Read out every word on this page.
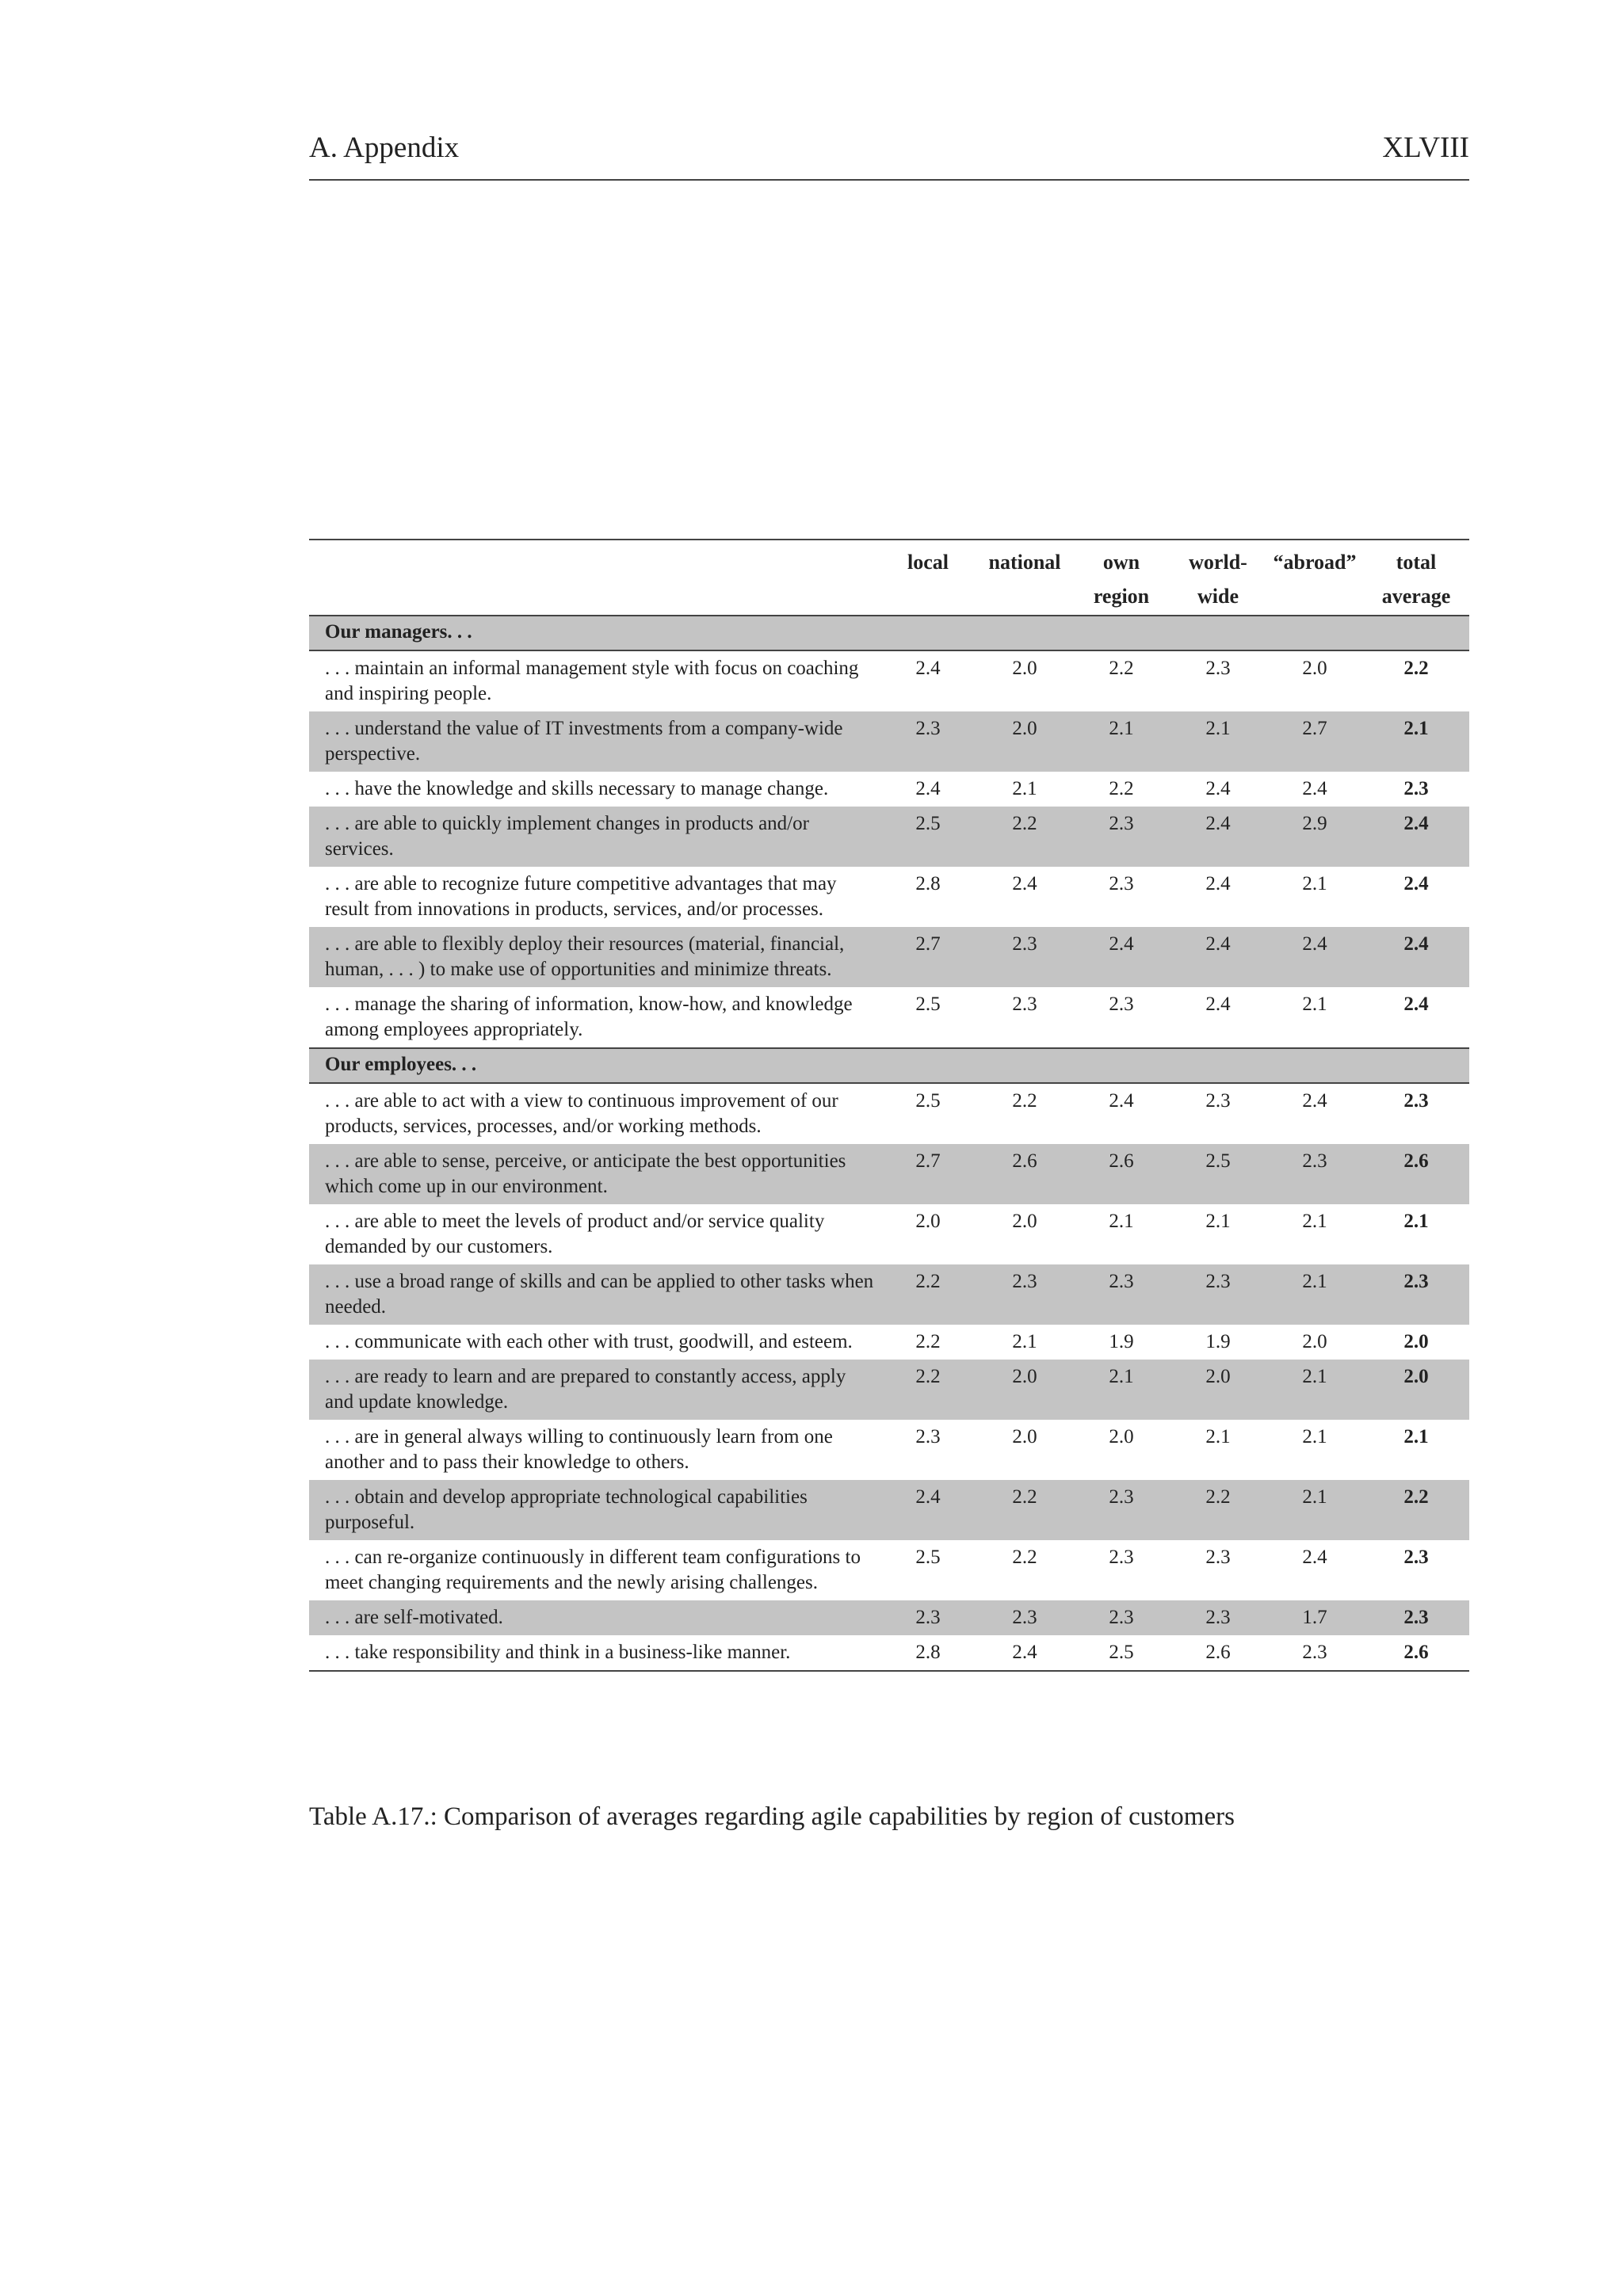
A. Appendix	XLVIII
	local	national	own	world-	“abroad”	total
			region	wide		average
Our managers. . .						
. . . maintain an informal management style with focus on coaching and inspiring people.	2.4	2.0	2.2	2.3	2.0	2.2
. . . understand the value of IT investments from a company-wide perspective.	2.3	2.0	2.1	2.1	2.7	2.1
. . . have the knowledge and skills necessary to manage change.	2.4	2.1	2.2	2.4	2.4	2.3
. . . are able to quickly implement changes in products and/or services.	2.5	2.2	2.3	2.4	2.9	2.4
. . . are able to recognize future competitive advantages that may result from innovations in products, services, and/or processes.	2.8	2.4	2.3	2.4	2.1	2.4
. . . are able to flexibly deploy their resources (material, financial, human, . . . ) to make use of opportunities and minimize threats.	2.7	2.3	2.4	2.4	2.4	2.4
. . . manage the sharing of information, know-how, and knowledge among employees appropriately.	2.5	2.3	2.3	2.4	2.1	2.4
Our employees. . .						
. . . are able to act with a view to continuous improvement of our products, services, processes, and/or working methods.	2.5	2.2	2.4	2.3	2.4	2.3
. . . are able to sense, perceive, or anticipate the best opportunities which come up in our environment.	2.7	2.6	2.6	2.5	2.3	2.6
. . . are able to meet the levels of product and/or service quality demanded by our customers.	2.0	2.0	2.1	2.1	2.1	2.1
. . . use a broad range of skills and can be applied to other tasks when needed.	2.2	2.3	2.3	2.3	2.1	2.3
. . . communicate with each other with trust, goodwill, and esteem.	2.2	2.1	1.9	1.9	2.0	2.0
. . . are ready to learn and are prepared to constantly access, apply and update knowledge.	2.2	2.0	2.1	2.0	2.1	2.0
. . . are in general always willing to continuously learn from one another and to pass their knowledge to others.	2.3	2.0	2.0	2.1	2.1	2.1
. . . obtain and develop appropriate technological capabilities purposeful.	2.4	2.2	2.3	2.2	2.1	2.2
. . . can re-organize continuously in different team configurations to meet changing requirements and the newly arising challenges.	2.5	2.2	2.3	2.3	2.4	2.3
. . . are self-motivated.	2.3	2.3	2.3	2.3	1.7	2.3
. . . take responsibility and think in a business-like manner.	2.8	2.4	2.5	2.6	2.3	2.6
Table A.17.: Comparison of averages regarding agile capabilities by region of customers
